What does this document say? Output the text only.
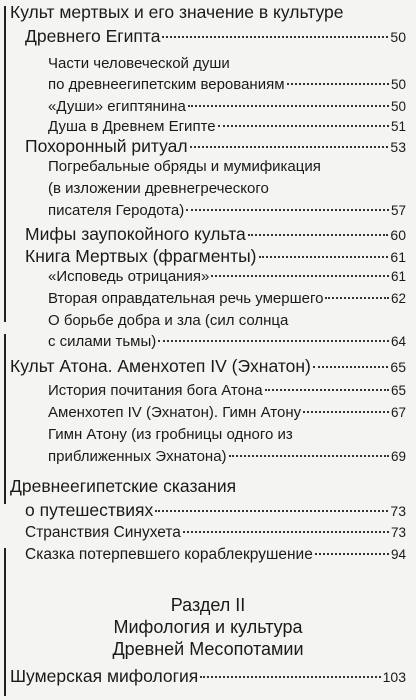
Культ мертвых и его значение в культуре
Древнего Египта	50
Части человеческой души
по древнеегипетским верованиям	50
«Души» египтянина	50
Душа в Древнем Египте	51
Похоронный ритуал	53
Погребальные обряды и мумификация
(в изложении древнегреческого
писателя Геродота)	57
Мифы заупокойного культа	60
Книга Мертвых (фрагменты)	61
«Исповедь отрицания»	61
Вторая оправдательная речь умершего	62
О борьбе добра и зла (сил солнца
с силами тьмы)	64
Культ Атона. Аменхотеп IV (Эхнатон)	65
История почитания бога Атона	65
Аменхотеп IV (Эхнатон). Гимн Атону	67
Гимн Атону (из гробницы одного из
приближенных Эхнатона)	69
Древнеегипетские сказания
о путешествиях	73
Странствия Синухета	73
Сказка потерпевшего кораблекрушение	94
Раздел II
Мифология и культура
Древней Месопотамии
Шумерская мифология	103
